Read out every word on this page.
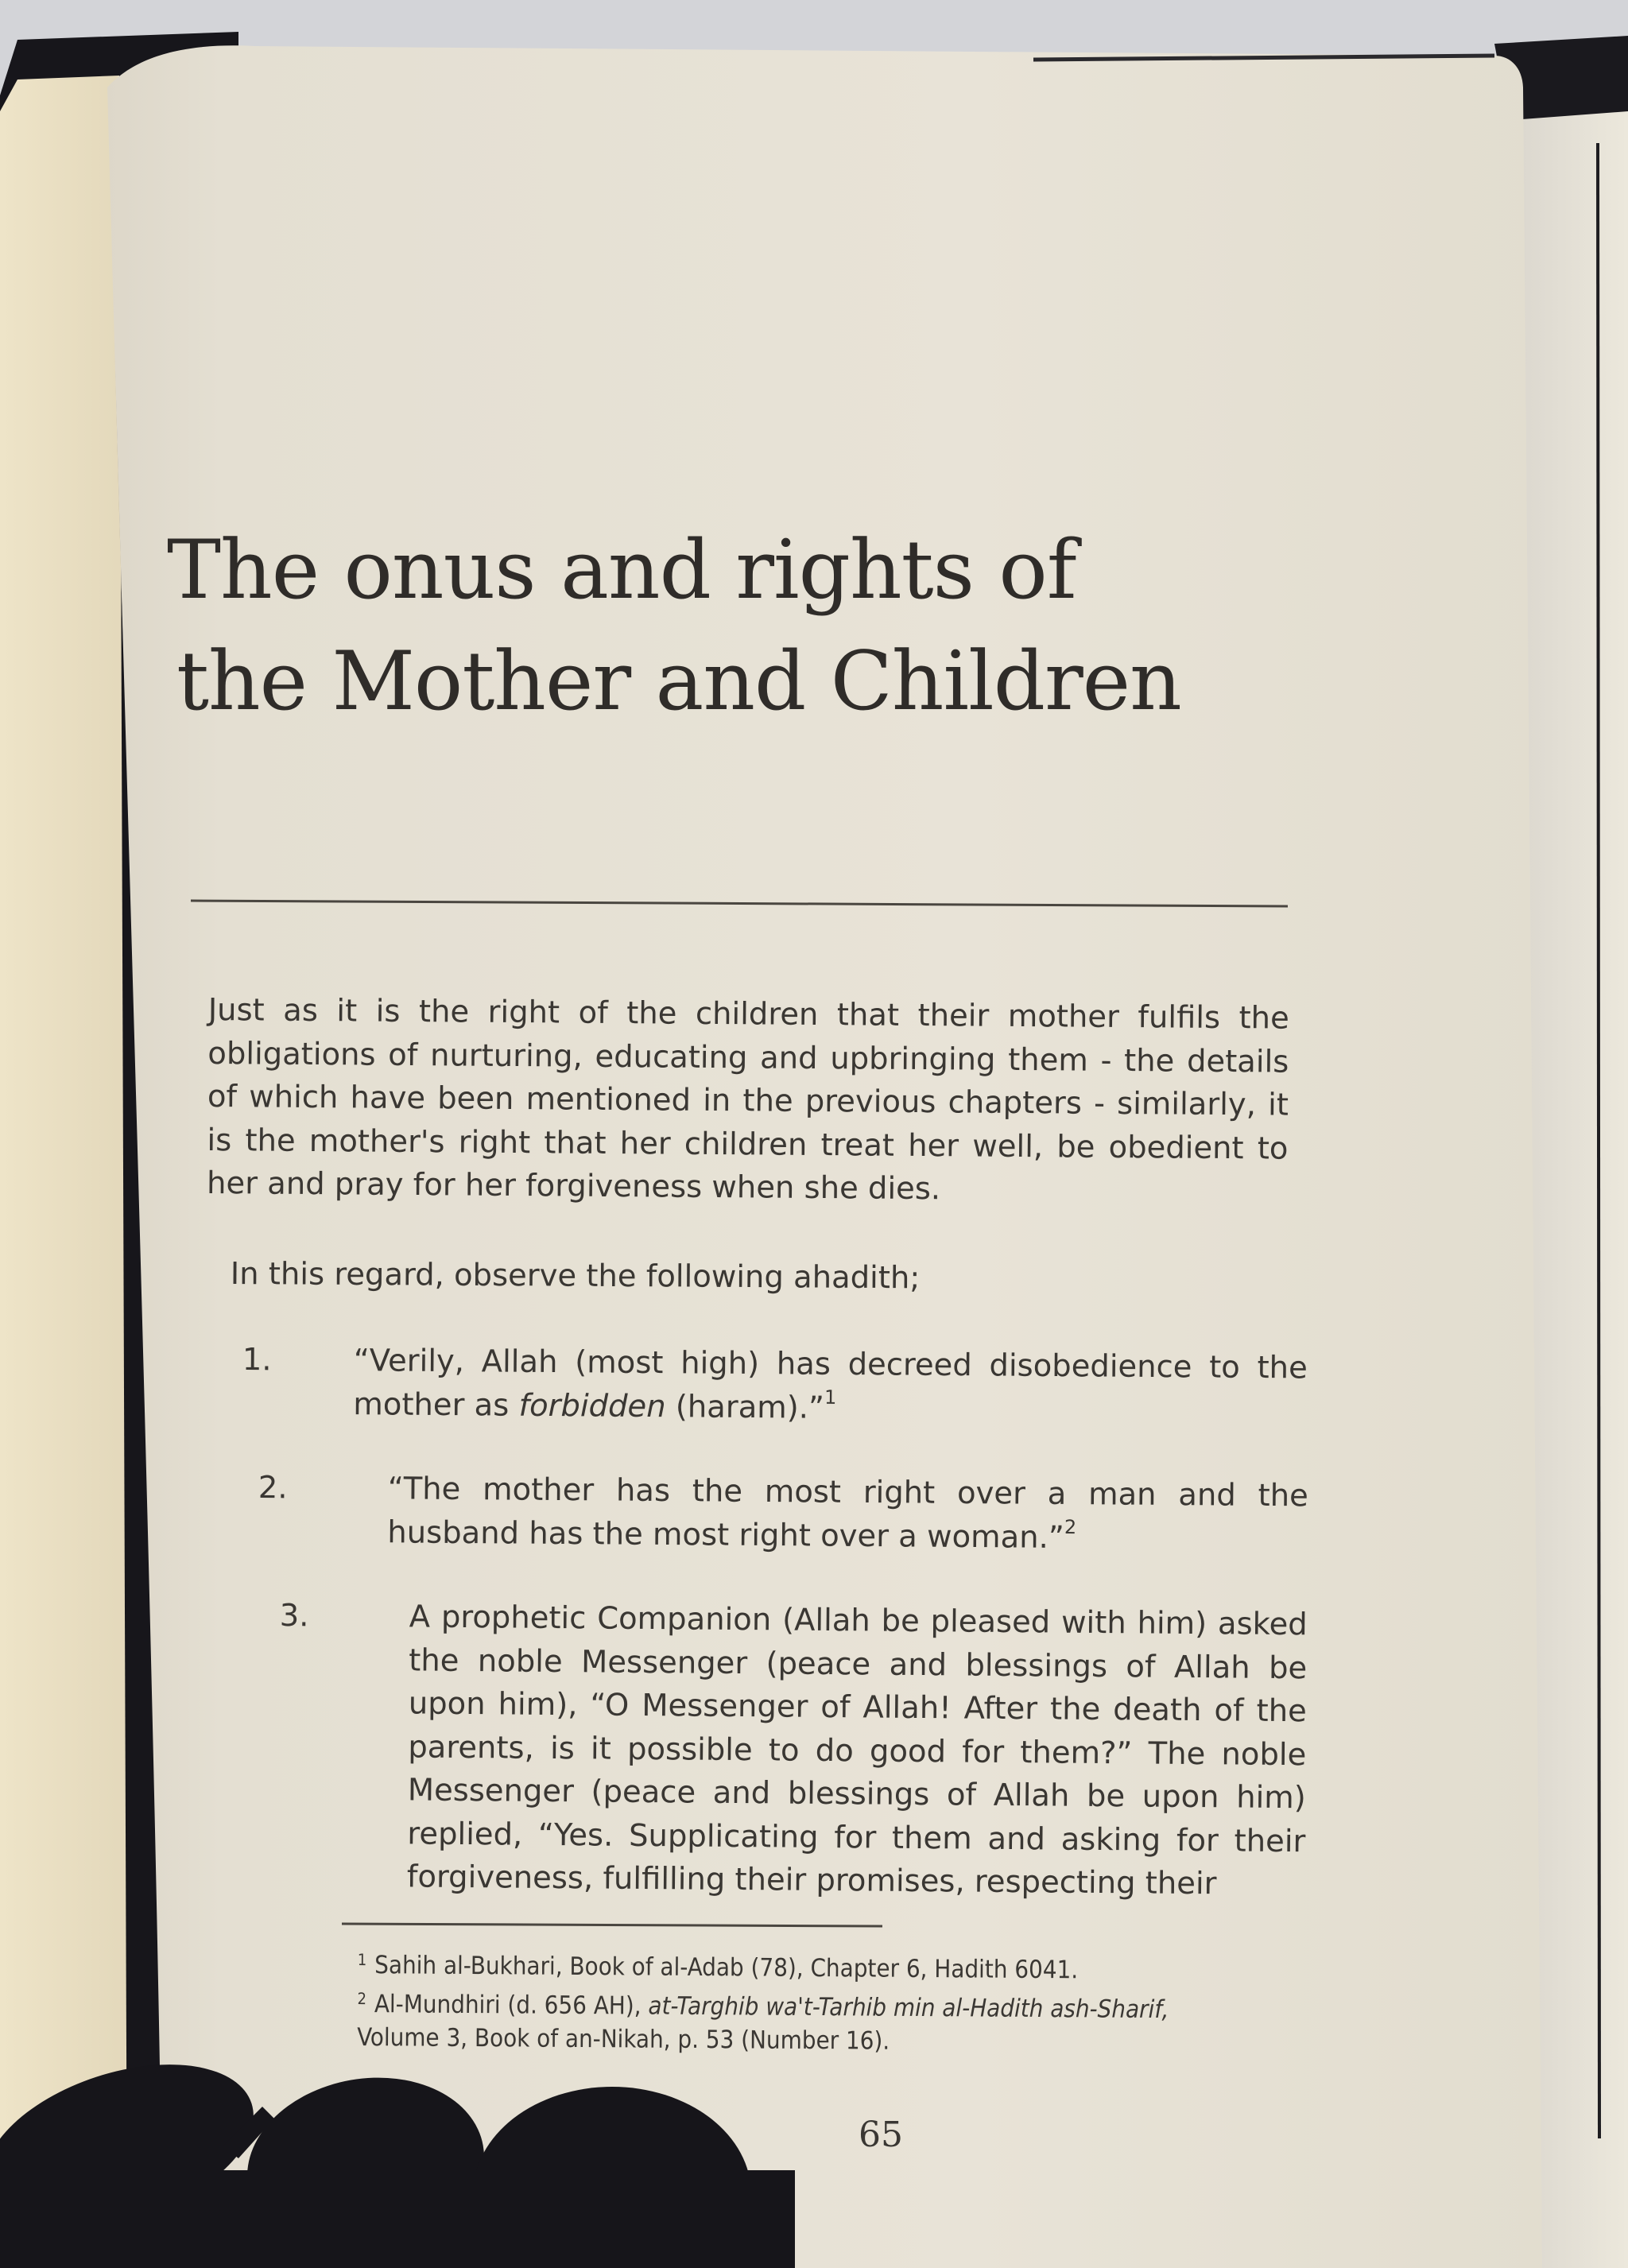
The onus and rights of
the Mother and Children
Just as it is the right of the children that their mother fulfils the obligations of nurturing, educating and upbringing them - the details of which have been mentioned in the previous chapters - similarly, it is the mother's right that her children treat her well, be obedient to her and pray for her forgiveness when she dies.
In this regard, observe the following ahadith;
1.	“Verily, Allah (most high) has decreed disobedience to the mother as forbidden (haram).”$^1$
2.	“The mother has the most right over a man and the husband has the most right over a woman.”$^2$
3.	A prophetic Companion (Allah be pleased with him) asked the noble Messenger (peace and blessings of Allah be upon him), “O Messenger of Allah! After the death of the parents, is it possible to do good for them?” The noble Messenger (peace and blessings of Allah be upon him) replied, “Yes. Supplicating for them and asking for their forgiveness, fulfilling their promises, respecting their
$^1$ Sahih al-Bukhari, Book of al-Adab (78), Chapter 6, Hadith 6041.
$^2$ Al-Mundhiri (d. 656 AH), at-Targhib wa't-Tarhib min al-Hadith ash-Sharif,
Volume 3, Book of an-Nikah, p. 53 (Number 16).
65
